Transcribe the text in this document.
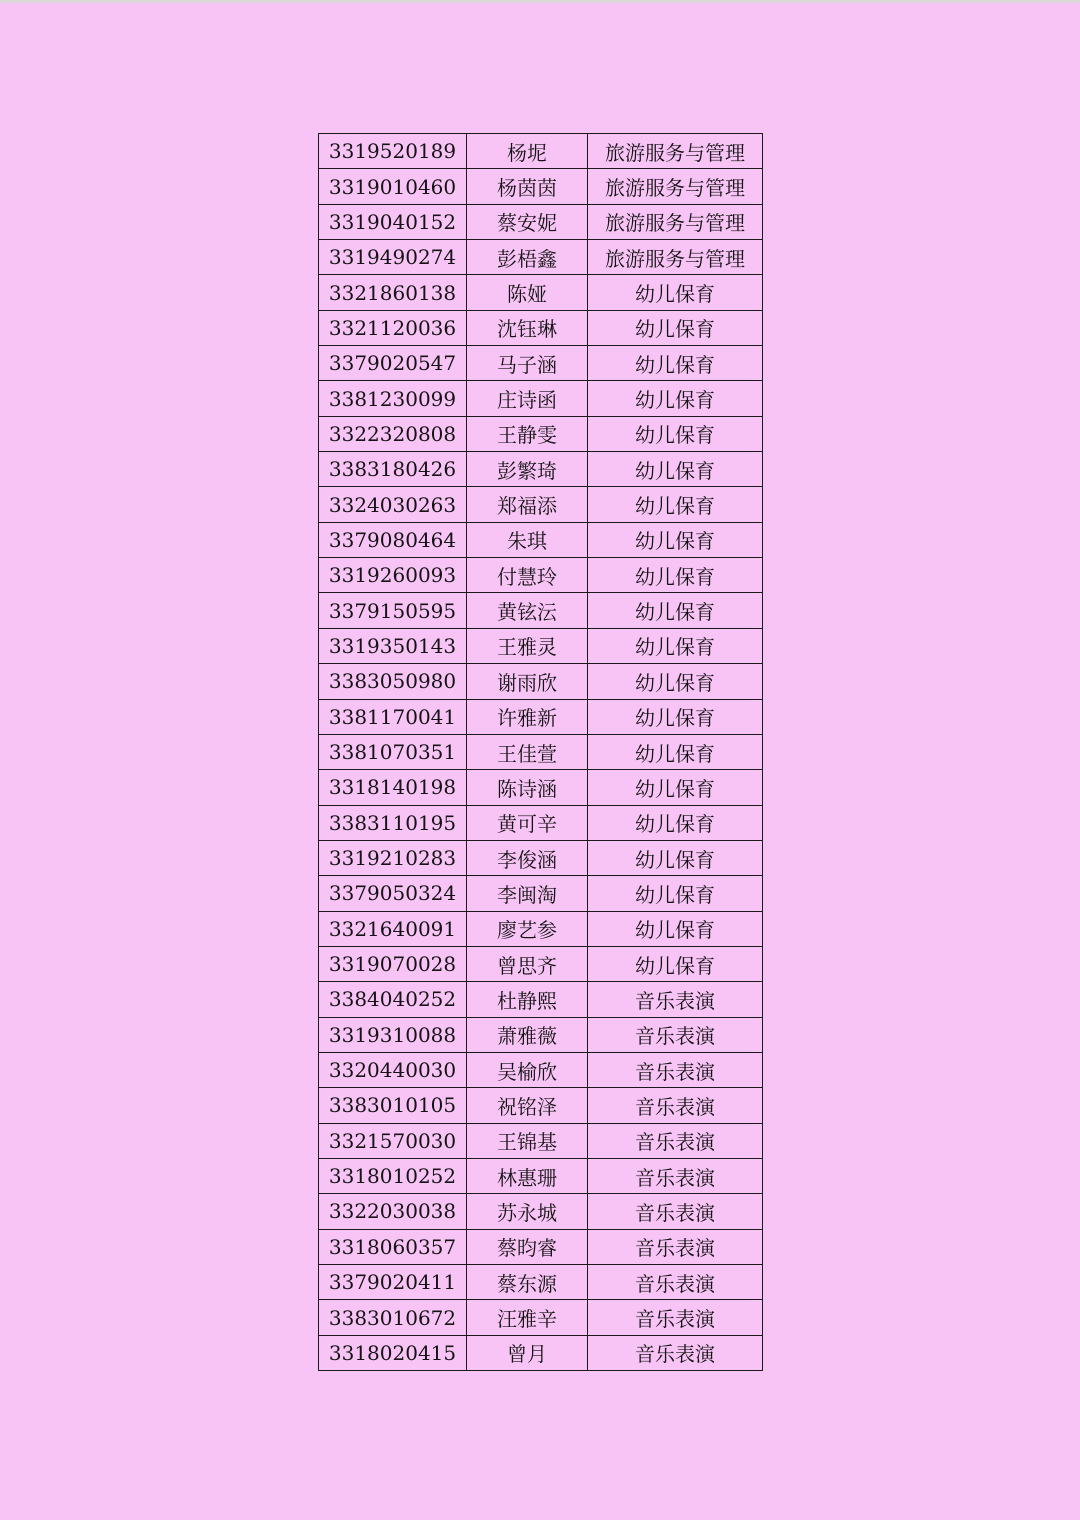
3319520189	杨坭	旅游服务与管理
3319010460	杨茵茵	旅游服务与管理
3319040152	蔡安妮	旅游服务与管理
3319490274	彭梧鑫	旅游服务与管理
3321860138	陈娅	幼儿保育
3321120036	沈钰琳	幼儿保育
3379020547	马子涵	幼儿保育
3381230099	庄诗函	幼儿保育
3322320808	王静雯	幼儿保育
3383180426	彭繁琦	幼儿保育
3324030263	郑福添	幼儿保育
3379080464	朱琪	幼儿保育
3319260093	付慧玲	幼儿保育
3379150595	黄铉沄	幼儿保育
3319350143	王雅灵	幼儿保育
3383050980	谢雨欣	幼儿保育
3381170041	许雅新	幼儿保育
3381070351	王佳萱	幼儿保育
3318140198	陈诗涵	幼儿保育
3383110195	黄可辛	幼儿保育
3319210283	李俊涵	幼儿保育
3379050324	李闽淘	幼儿保育
3321640091	廖艺参	幼儿保育
3319070028	曾思齐	幼儿保育
3384040252	杜静熙	音乐表演
3319310088	萧雅薇	音乐表演
3320440030	吴榆欣	音乐表演
3383010105	祝铭泽	音乐表演
3321570030	王锦基	音乐表演
3318010252	林惠珊	音乐表演
3322030038	苏永城	音乐表演
3318060357	蔡昀睿	音乐表演
3379020411	蔡东源	音乐表演
3383010672	汪雅辛	音乐表演
3318020415	曾月	音乐表演
